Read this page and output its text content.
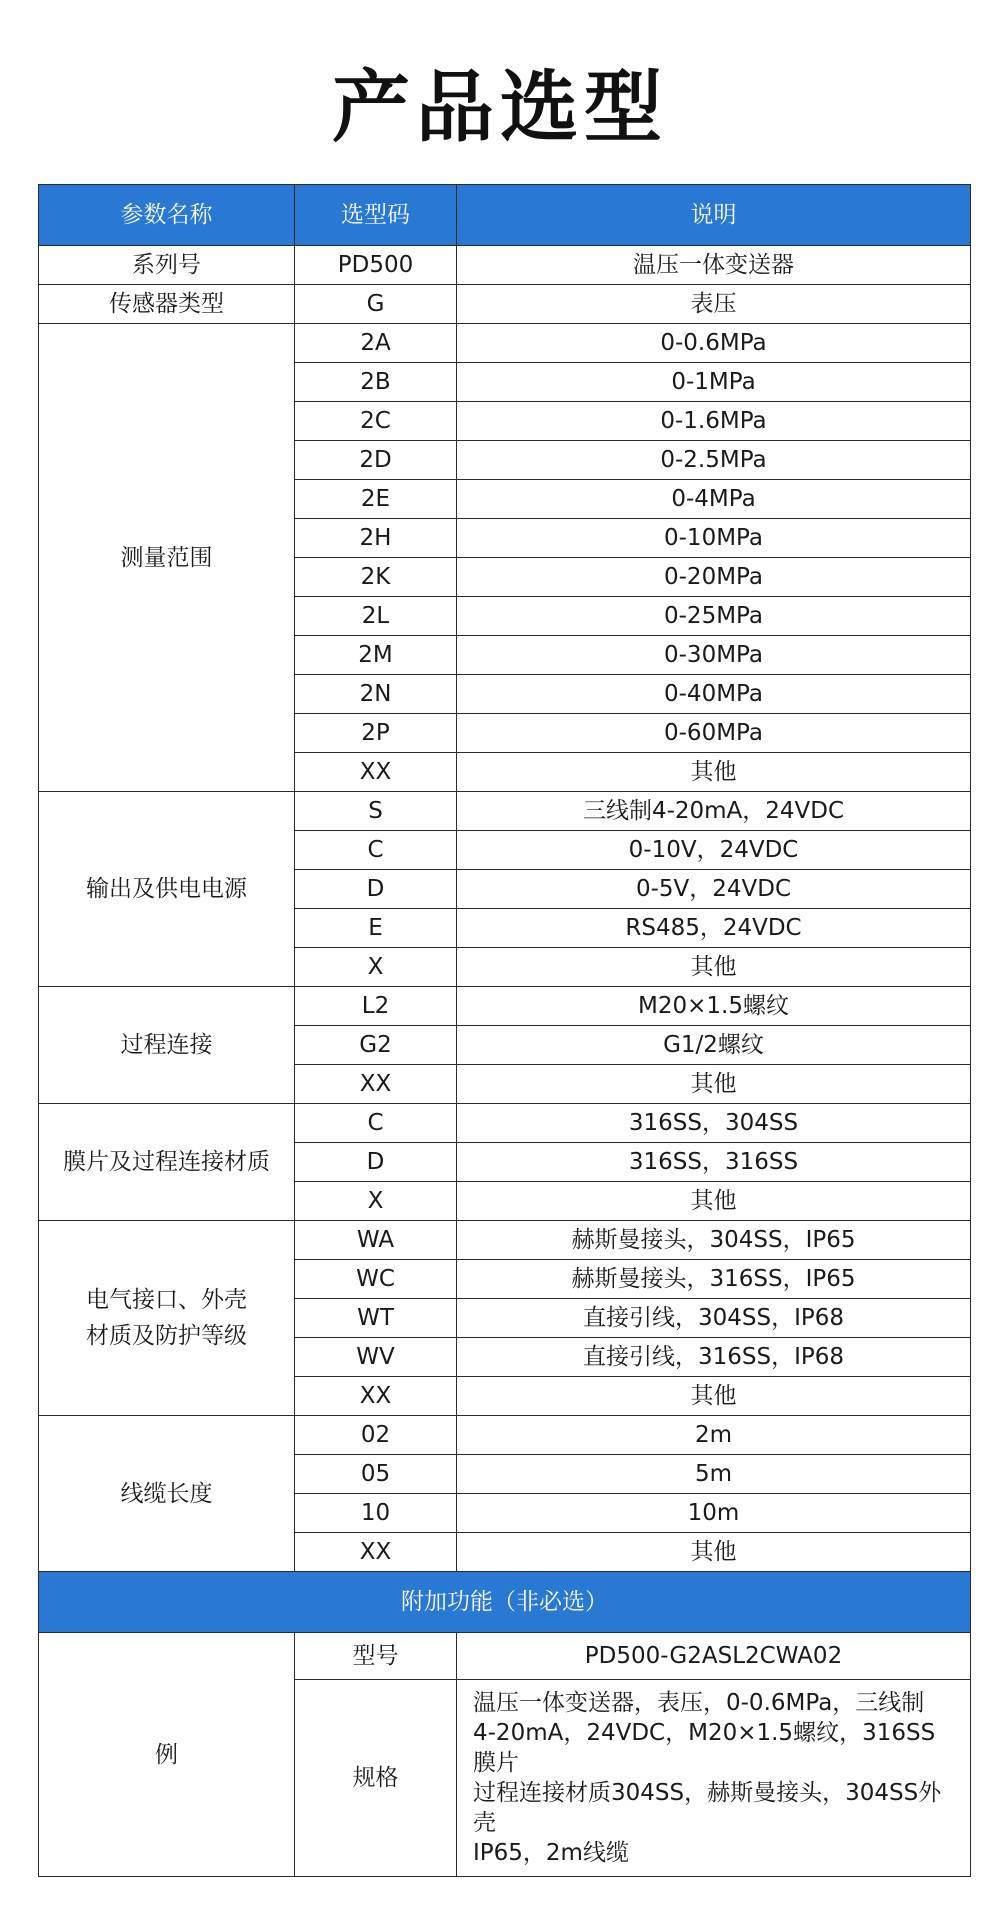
产品选型
参数名称	选型码	说明
系列号	PD500	温压一体变送器
传感器类型	G	表压
测量范围	2A	0-0.6MPa
	2B	0-1MPa
	2C	0-1.6MPa
	2D	0-2.5MPa
	2E	0-4MPa
	2H	0-10MPa
	2K	0-20MPa
	2L	0-25MPa
	2M	0-30MPa
	2N	0-40MPa
	2P	0-60MPa
	XX	其他
输出及供电电源	S	三线制4-20mA，24VDC
	C	0-10V，24VDC
	D	0-5V，24VDC
	E	RS485，24VDC
	X	其他
过程连接	L2	M20×1.5螺纹
	G2	G1/2螺纹
	XX	其他
膜片及过程连接材质	C	316SS，304SS
	D	316SS，316SS
	X	其他

电气接口、外壳
材质及防护等级	WA	赫斯曼接头，304SS，IP65
	WC	赫斯曼接头，316SS，IP65
	WT	直接引线，304SS，IP68
	WV	直接引线，316SS，IP68
	XX	其他
线缆长度	02	2m
	05	5m
	10	10m
	XX	其他
附加功能（非必选）		
例	型号	PD500-G2ASL2CWA02
	规格	温压一体变送器，表压，0-0.6MPa，三线制
4-20mA，24VDC，M20×1.5螺纹，316SS膜片
过程连接材质304SS，赫斯曼接头，304SS外壳
IP65，2m线缆
